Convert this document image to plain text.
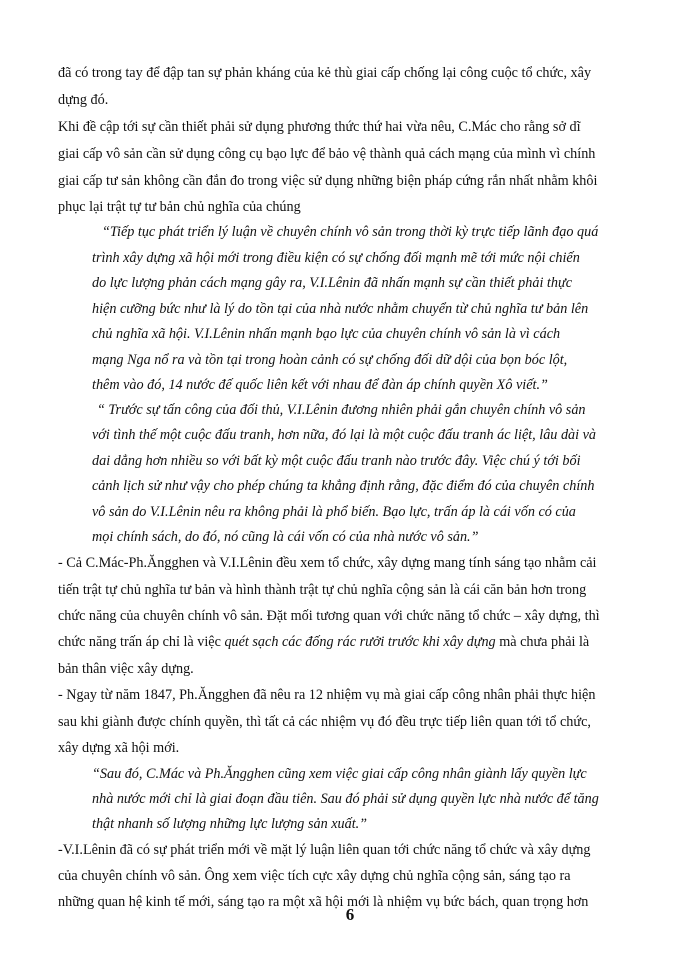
đã có trong tay để đập tan sự phản kháng của kẻ thù giai cấp chống lại công cuộc tổ chức, xây
dựng đó.
Khi đề cập tới sự cần thiết phải sử dụng phương thức thứ hai vừa nêu, C.Mác cho rằng sở dĩ
giai cấp vô sản cần sử dụng công cụ bạo lực để bảo vệ thành quả cách mạng của mình vì chính
giai cấp tư sản không cần đắn đo trong việc sử dụng những biện pháp cứng rắn nhất nhằm khôi
phục lại trật tự tư bản chủ nghĩa của chúng
“Tiếp tục phát triển lý luận về chuyên chính vô sản trong thời kỳ trực tiếp lãnh đạo quá
trình xây dựng xã hội mới trong điều kiện có sự chống đối mạnh mẽ tới mức nội chiến
do lực lượng phản cách mạng gây ra, V.I.Lênin đã nhấn mạnh sự cần thiết phải thực
hiện cưỡng bức như là lý do tồn tại của nhà nước nhằm chuyển từ chủ nghĩa tư bản lên
chủ nghĩa xã hội. V.I.Lênin nhấn mạnh bạo lực của chuyên chính vô sản là vì cách
mạng Nga nổ ra và tồn tại trong hoàn cảnh có sự chống đối dữ dội của bọn bóc lột,
thêm vào đó, 14 nước đế quốc liên kết với nhau để đàn áp chính quyền Xô viết.”
“ Trước sự tấn công của đối thủ, V.I.Lênin đương nhiên phải gắn chuyên chính vô sản
với tình thế một cuộc đấu tranh, hơn nữa, đó lại là một cuộc đấu tranh ác liệt, lâu dài và
dai dẳng hơn nhiều so với bất kỳ một cuộc đấu tranh nào trước đây. Việc chú ý tới bối
cảnh lịch sử như vậy cho phép chúng ta khẳng định rằng, đặc điểm đó của chuyên chính
vô sản do V.I.Lênin nêu ra không phải là phổ biến. Bạo lực, trấn áp là cái vốn có của
mọi chính sách, do đó, nó cũng là cái vốn có của nhà nước vô sản.”
- Cả C.Mác-Ph.Ăngghen và V.I.Lênin đều xem tổ chức, xây dựng mang tính sáng tạo nhằm cải
tiến trật tự chủ nghĩa tư bản và hình thành trật tự chủ nghĩa cộng sản là cái căn bản hơn trong
chức năng của chuyên chính vô sản. Đặt mối tương quan với chức năng tổ chức – xây dựng, thì
chức năng trấn áp chỉ là việc quét sạch các đống rác rưởi trước khi xây dựng mà chưa phải là
bản thân việc xây dựng.
- Ngay từ năm 1847, Ph.Ăngghen đã nêu ra 12 nhiệm vụ mà giai cấp công nhân phải thực hiện
sau khi giành được chính quyền, thì tất cả các nhiệm vụ đó đều trực tiếp liên quan tới tổ chức,
xây dựng xã hội mới.
“Sau đó, C.Mác và Ph.Ăngghen cũng xem việc giai cấp công nhân giành lấy quyền lực
nhà nước mới chỉ là giai đoạn đầu tiên. Sau đó phải sử dụng quyền lực nhà nước để tăng
thật nhanh số lượng những lực lượng sản xuất.”
-V.I.Lênin đã có sự phát triển mới về mặt lý luận liên quan tới chức năng tổ chức và xây dựng
của chuyên chính vô sản. Ông xem việc tích cực xây dựng chủ nghĩa cộng sản, sáng tạo ra
những quan hệ kinh tế mới, sáng tạo ra một xã hội mới là nhiệm vụ bức bách, quan trọng hơn
6
